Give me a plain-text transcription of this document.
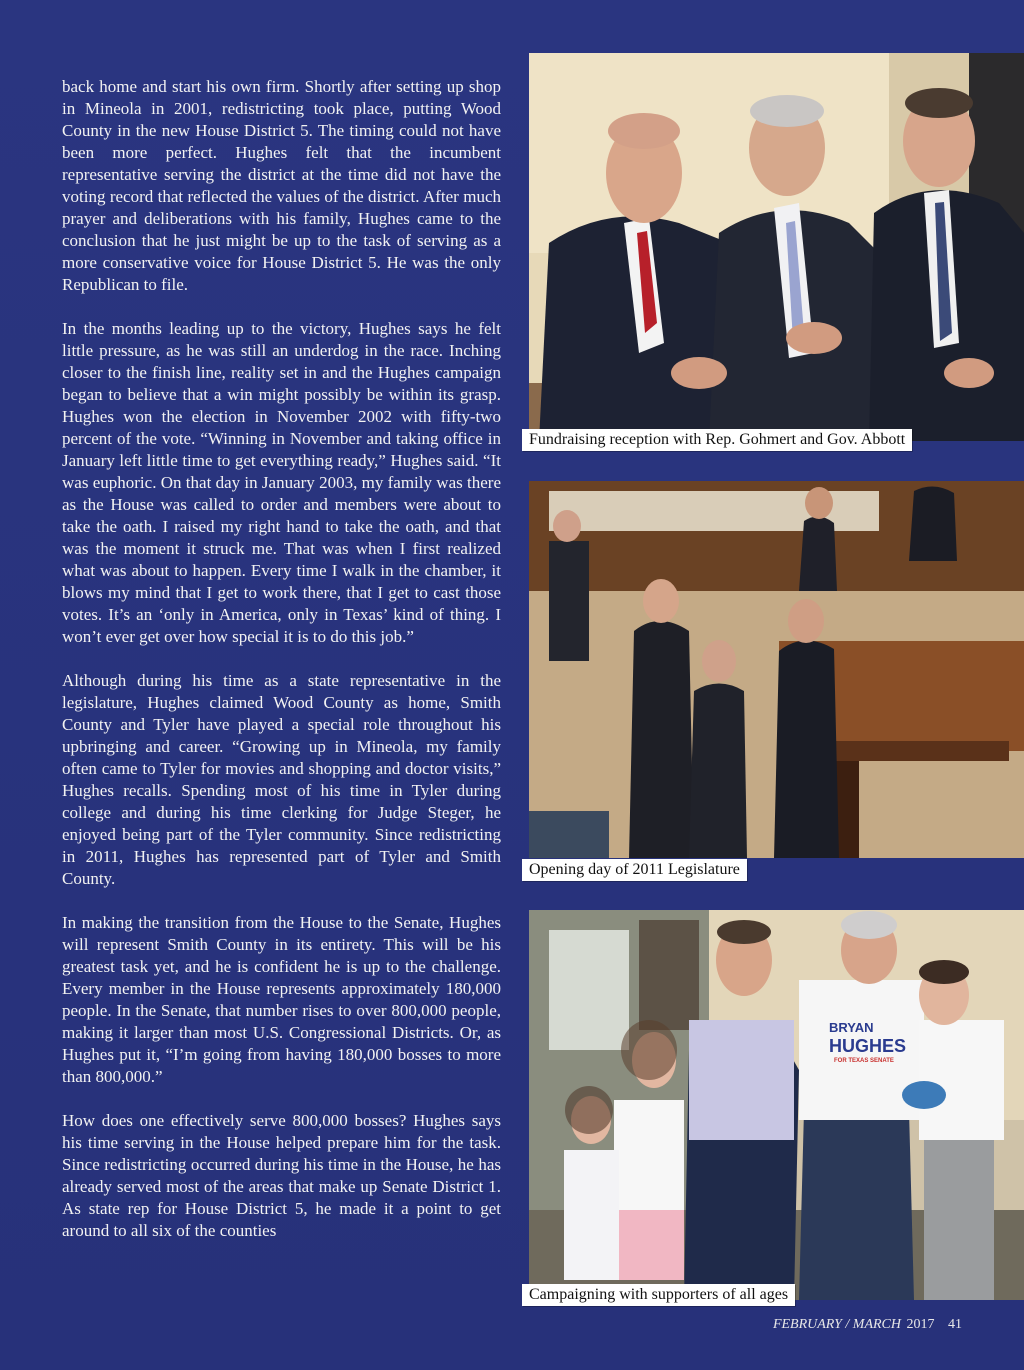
back home and start his own firm. Shortly after setting up shop in Mineola in 2001, redistricting took place, putting Wood County in the new House District 5. The timing could not have been more perfect. Hughes felt that the incumbent representative serving the district at the time did not have the voting record that reflected the values of the district. After much prayer and deliberations with his family, Hughes came to the conclusion that he just might be up to the task of serving as a more conservative voice for House District 5. He was the only Republican to file.

In the months leading up to the victory, Hughes says he felt little pressure, as he was still an underdog in the race. Inching closer to the finish line, reality set in and the Hughes campaign began to believe that a win might possibly be within its grasp. Hughes won the election in November 2002 with fifty-two percent of the vote. “Winning in November and taking office in January left little time to get everything ready,” Hughes said. “It was euphoric. On that day in January 2003, my family was there as the House was called to order and members were about to take the oath. I raised my right hand to take the oath, and that was the moment it struck me. That was when I first realized what was about to happen. Every time I walk in the chamber, it blows my mind that I get to work there, that I get to cast those votes. It’s an ‘only in America, only in Texas’ kind of thing. I won’t ever get over how special it is to do this job.”

Although during his time as a state representative in the legislature, Hughes claimed Wood County as home, Smith County and Tyler have played a special role throughout his upbringing and career. “Growing up in Mineola, my family often came to Tyler for movies and shopping and doctor visits,” Hughes recalls. Spending most of his time in Tyler during college and during his time clerking for Judge Steger, he enjoyed being part of the Tyler community. Since redistricting in 2011, Hughes has represented part of Tyler and Smith County.

In making the transition from the House to the Senate, Hughes will represent Smith County in its entirety. This will be his greatest task yet, and he is confident he is up to the challenge. Every member in the House represents approximately 180,000 people. In the Senate, that number rises to over 800,000 people, making it larger than most U.S. Congressional Districts. Or, as Hughes put it, “I’m going from having 180,000 bosses to more than 800,000.”

How does one effectively serve 800,000 bosses? Hughes says his time serving in the House helped prepare him for the task. Since redistricting occurred during his time in the House, he has already served most of the areas that make up Senate District 1. As state rep for House District 5, he made it a point to get around to all six of the counties

Fundraising reception with Rep. Gohmert and Gov. Abbott
Opening day of 2011 Legislature
BRYAN
HUGHES
FOR TEXAS SENATE
Campaigning with supporters of all ages
FEBRUARY / MARCH 2017 41
